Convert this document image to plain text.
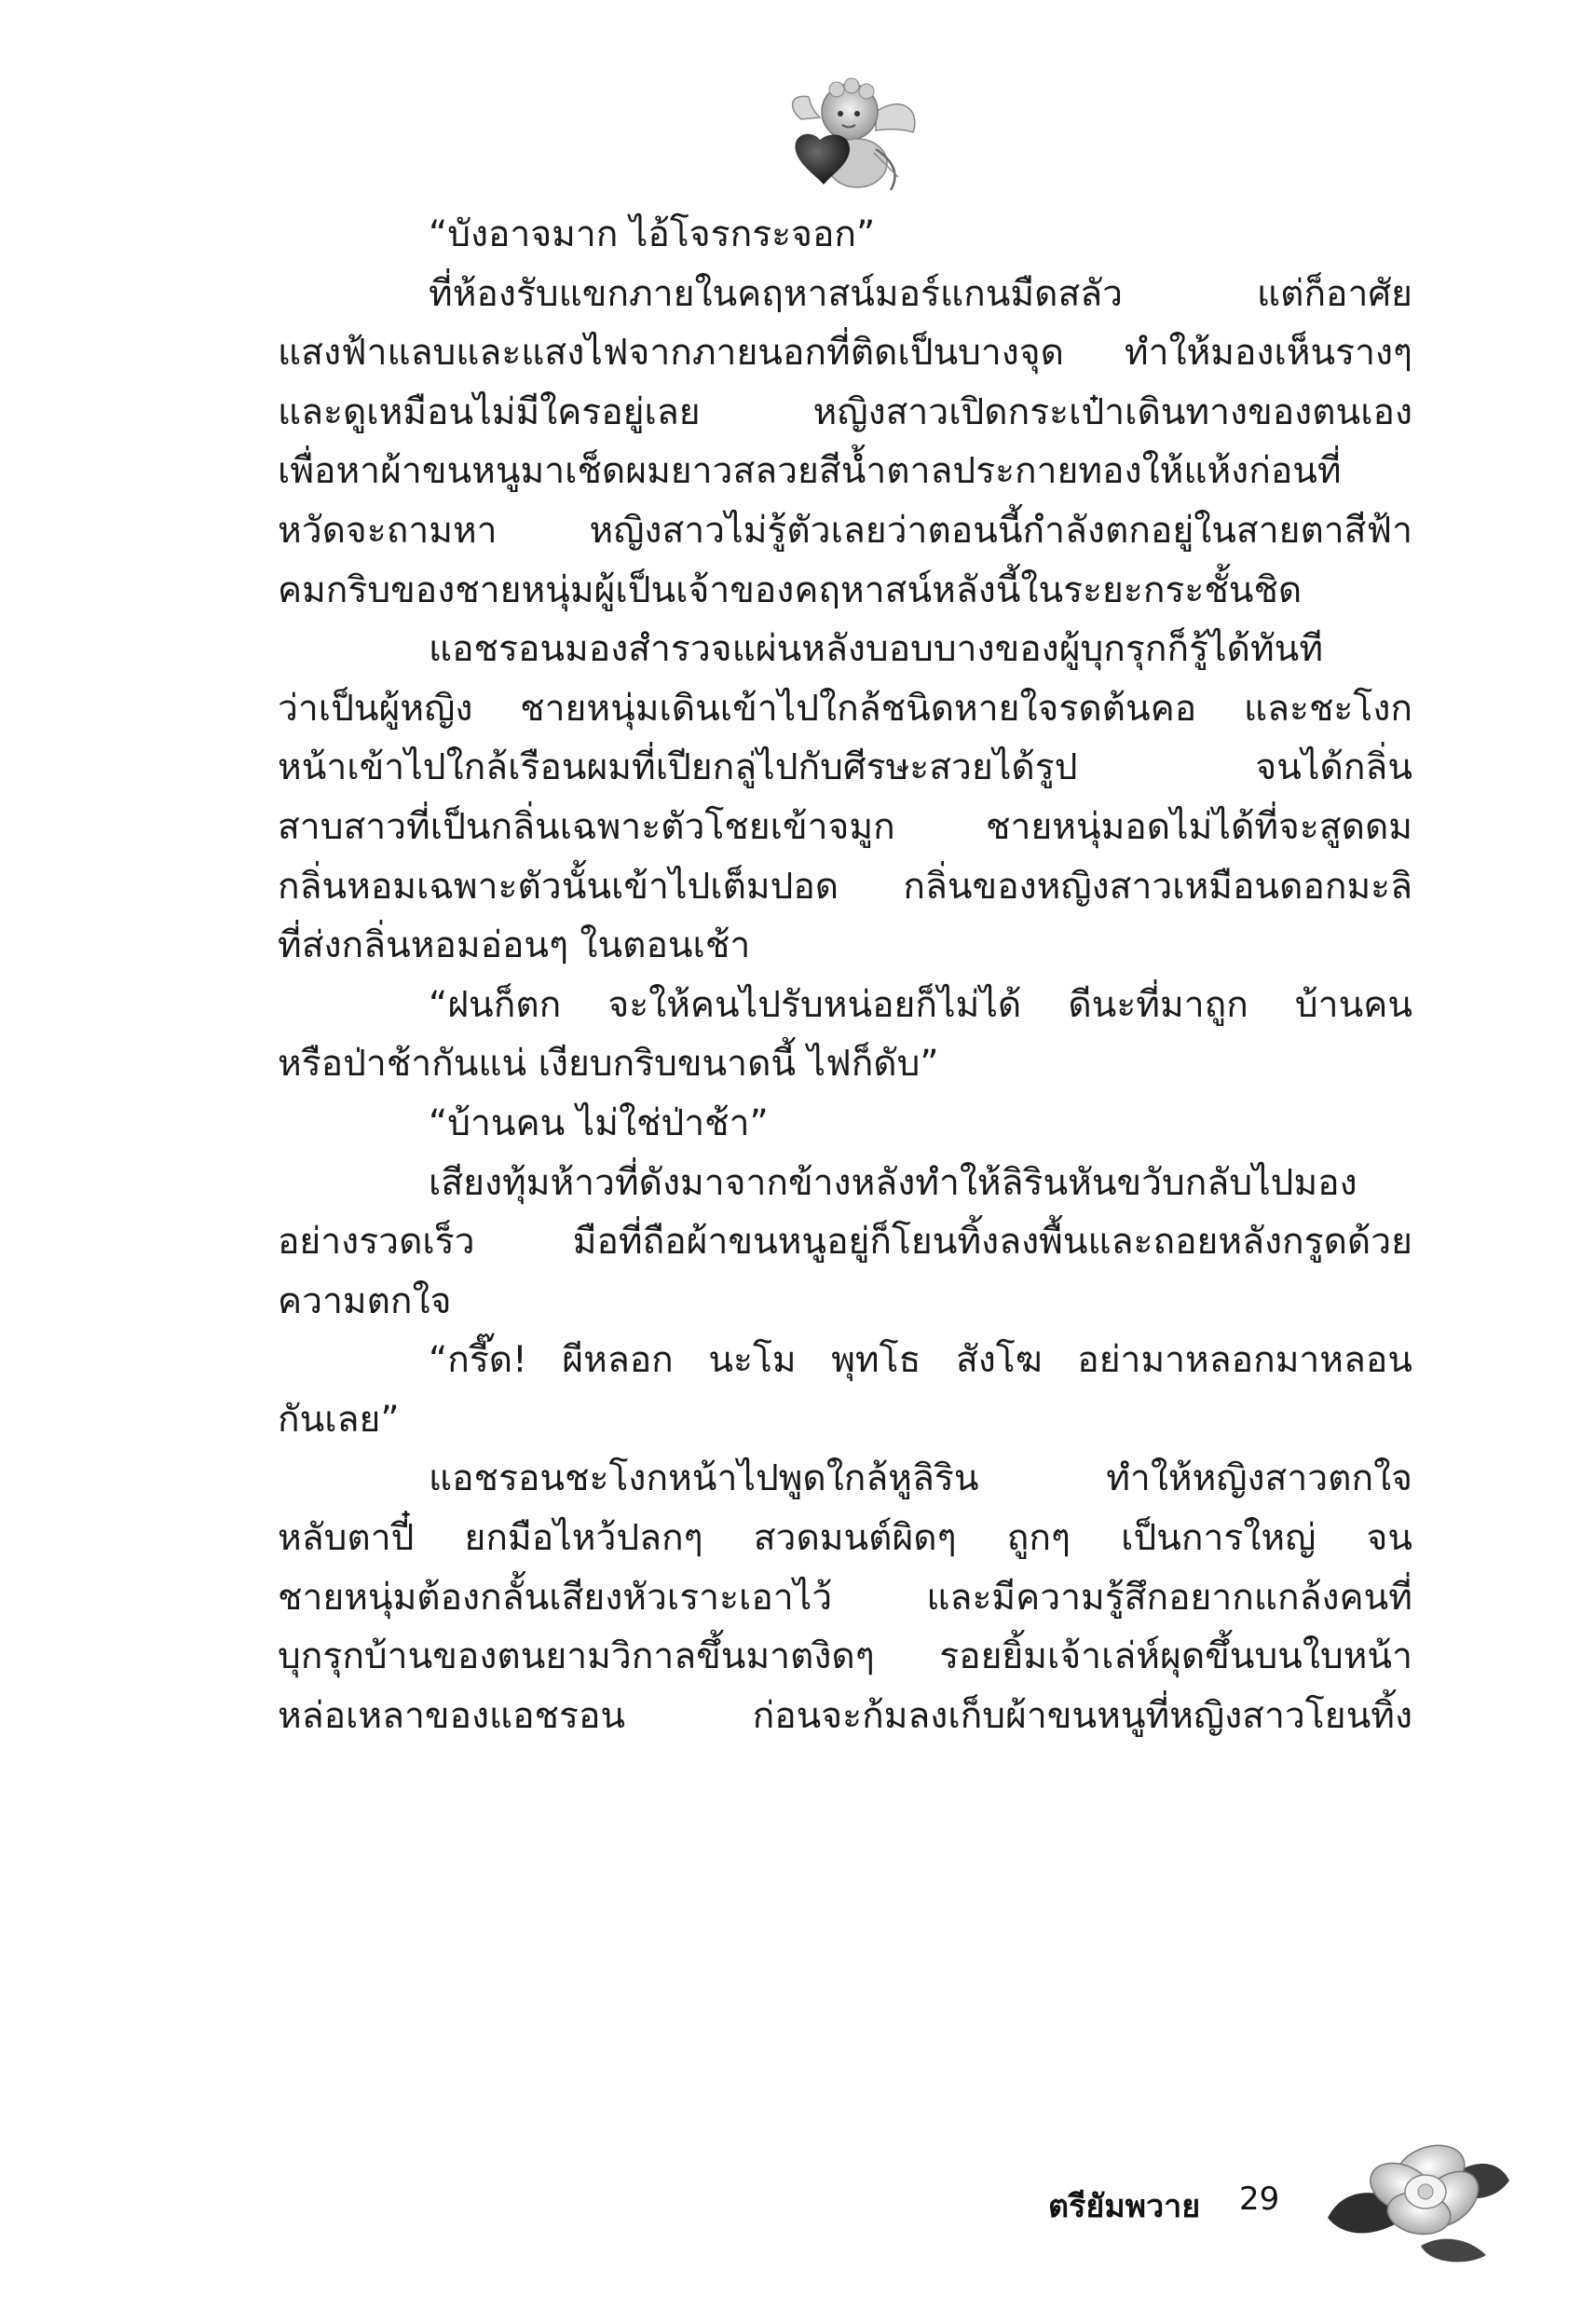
“บังอาจมาก ไอ้โจรกระจอก”

ที่ห้องรับแขกภายในคฤหาสน์มอร์แกนมืดสลัว แต่ก็อาศัย

แสงฟ้าแลบและแสงไฟจากภายนอกที่ติดเป็นบางจุด ทำให้มองเห็นรางๆ

และดูเหมือนไม่มีใครอยู่เลย หญิงสาวเปิดกระเป๋าเดินทางของตนเอง

เพื่อหาผ้าขนหนูมาเช็ดผมยาวสลวยสีน้ำตาลประกายทองให้แห้งก่อนที่

หวัดจะถามหา หญิงสาวไม่รู้ตัวเลยว่าตอนนี้กำลังตกอยู่ในสายตาสีฟ้า

คมกริบของชายหนุ่มผู้เป็นเจ้าของคฤหาสน์หลังนี้ในระยะกระชั้นชิด

แอชรอนมองสำรวจแผ่นหลังบอบบางของผู้บุกรุกก็รู้ได้ทันที

ว่าเป็นผู้หญิง ชายหนุ่มเดินเข้าไปใกล้ชนิดหายใจรดต้นคอ และชะโงก

หน้าเข้าไปใกล้เรือนผมที่เปียกลู่ไปกับศีรษะสวยได้รูป จนได้กลิ่น

สาบสาวที่เป็นกลิ่นเฉพาะตัวโชยเข้าจมูก ชายหนุ่มอดไม่ได้ที่จะสูดดม

กลิ่นหอมเฉพาะตัวนั้นเข้าไปเต็มปอด กลิ่นของหญิงสาวเหมือนดอกมะลิ

ที่ส่งกลิ่นหอมอ่อนๆ ในตอนเช้า

“ฝนก็ตก จะให้คนไปรับหน่อยก็ไม่ได้ ดีนะที่มาถูก บ้านคน

หรือป่าช้ากันแน่ เงียบกริบขนาดนี้ ไฟก็ดับ”

“บ้านคน ไม่ใช่ป่าช้า”

เสียงทุ้มห้าวที่ดังมาจากข้างหลังทำให้ลิรินหันขวับกลับไปมอง

อย่างรวดเร็ว มือที่ถือผ้าขนหนูอยู่ก็โยนทิ้งลงพื้นและถอยหลังกรูดด้วย

ความตกใจ

“กรี๊ด! ผีหลอก นะโม พุทโธ สังโฆ อย่ามาหลอกมาหลอน

กันเลย”

แอชรอนชะโงกหน้าไปพูดใกล้หูลิริน ทำให้หญิงสาวตกใจ

หลับตาปี๋ ยกมือไหว้ปลกๆ สวดมนต์ผิดๆ ถูกๆ เป็นการใหญ่ จน

ชายหนุ่มต้องกลั้นเสียงหัวเราะเอาไว้ และมีความรู้สึกอยากแกล้งคนที่

บุกรุกบ้านของตนยามวิกาลขึ้นมาตงิดๆ รอยยิ้มเจ้าเล่ห์ผุดขึ้นบนใบหน้า

หล่อเหลาของแอชรอน ก่อนจะก้มลงเก็บผ้าขนหนูที่หญิงสาวโยนทิ้ง

ตรียัมพวาย 29
